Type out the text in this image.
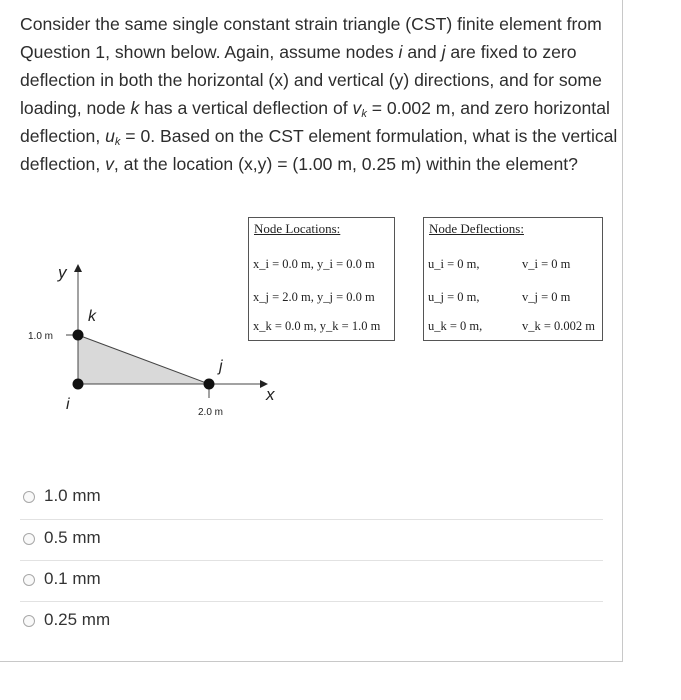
Consider the same single constant strain triangle (CST) finite element from Question 1, shown below. Again, assume nodes i and j are fixed to zero deflection in both the horizontal (x) and vertical (y) directions, and for some loading, node k has a vertical deflection of $v_k = 0.002$ m, and zero horizontal deflection, $u_k = 0$. Based on the CST element formulation, what is the vertical deflection, v, at the location (x,y) = (1.00 m, 0.25 m) within the element?

y
x
k
i
j
1.0 m
2.0 m
Node Locations:
x_i = 0.0 m, y_i = 0.0 m
x_j = 2.0 m, y_j = 0.0 m
x_k = 0.0 m, y_k = 1.0 m
Node Deflections:
u_i = 0 m,	v_i = 0 m
u_j = 0 m,	v_j = 0 m
u_k = 0 m,	v_k = 0.002 m
1.0 mm
0.5 mm
0.1 mm
0.25 mm
